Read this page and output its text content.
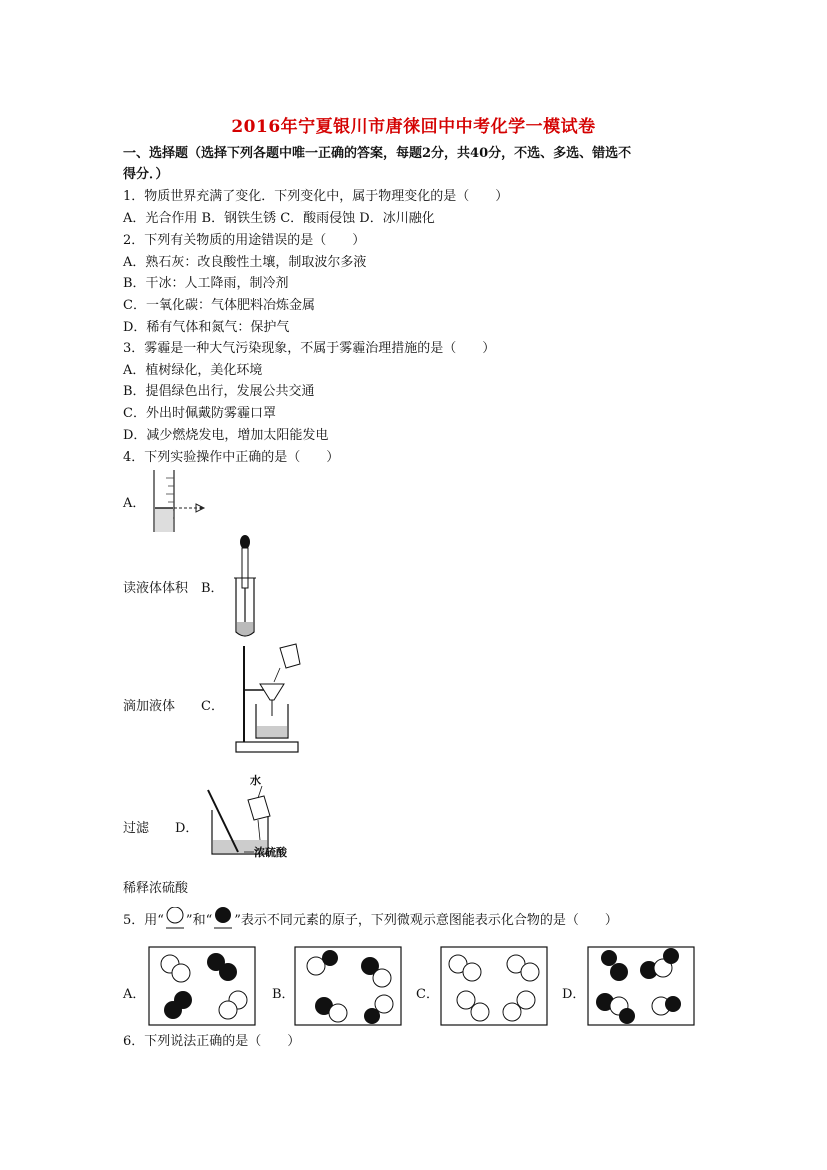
2016年宁夏银川市唐徕回中中考化学一模试卷
一、选择题（选择下列各题中唯一正确的答案，每题2分，共40分，不选、多选、错选不
得分．）
1．物质世界充满了变化．下列变化中，属于物理变化的是（　　）
A．光合作用 B．钢铁生锈 C．酸雨侵蚀 D．冰川融化
2．下列有关物质的用途错误的是（　　）
A．熟石灰：改良酸性土壤，制取波尔多液
B．干冰：人工降雨，制冷剂
C．一氧化碳：气体肥料冶炼金属
D．稀有气体和氮气：保护气
3．雾霾是一种大气污染现象，不属于雾霾治理措施的是（　　）
A．植树绿化，美化环境
B．提倡绿色出行，发展公共交通
C．外出时佩戴防雾霾口罩
D．减少燃烧发电，增加太阳能发电
4．下列实验操作中正确的是（　　）
A．
读液体体积　B．
滴加液体　　C．
过滤　　D．
水
浓硫酸
稀释浓硫酸
5．用“ ”和“ ”表示不同元素的原子，下列微观示意图能表示化合物的是（　　）
A．	B．	C．	D．
6．下列说法正确的是（　　）
